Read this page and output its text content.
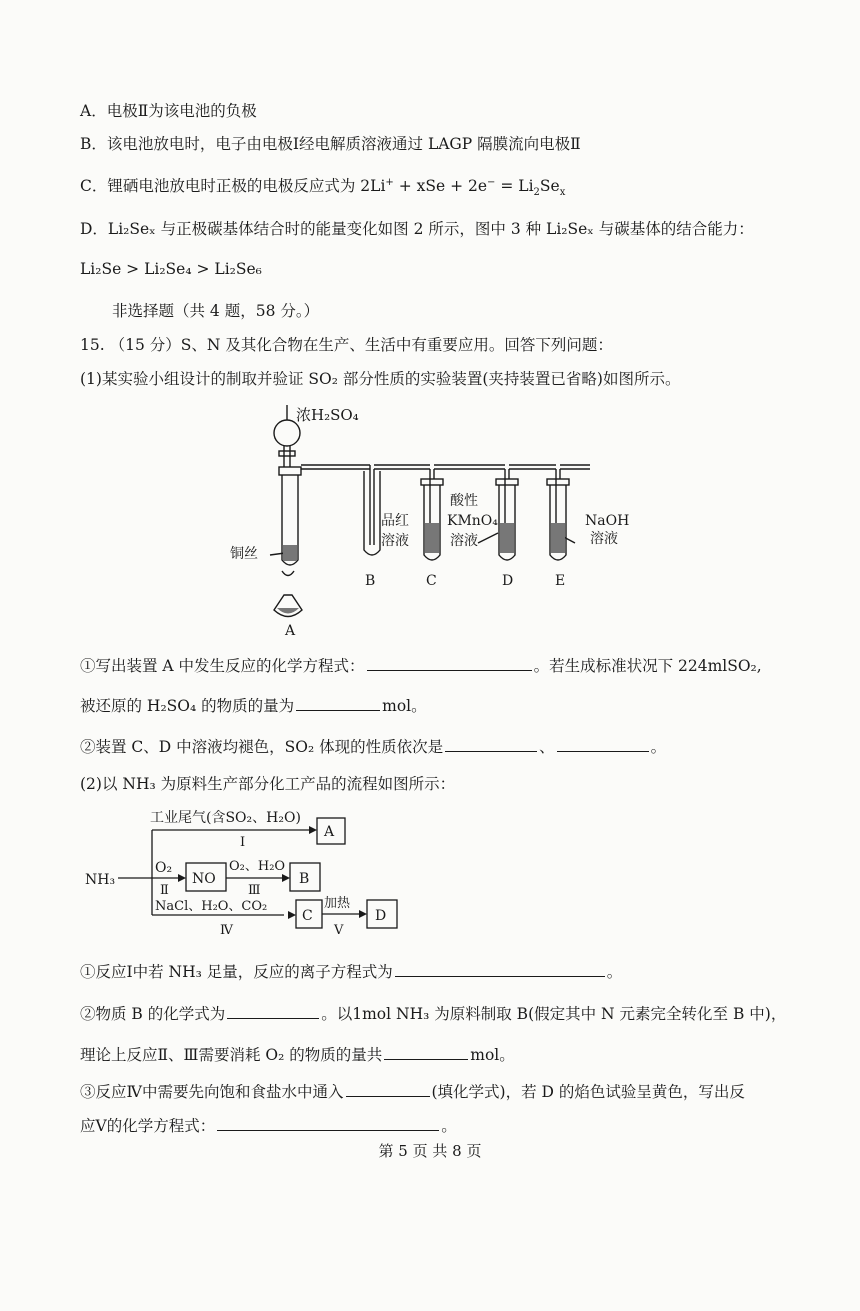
A．电极Ⅱ为该电池的负极
B．该电池放电时，电子由电极Ⅰ经电解质溶液通过 LAGP 隔膜流向电极Ⅱ
C．锂硒电池放电时正极的电极反应式为 2Li+ + xSe + $2e^- = Li_2Se_x$
D．Li₂Seₓ 与正极碳基体结合时的能量变化如图 2 所示，图中 3 种 Li₂Seₓ 与碳基体的结合能力：
Li₂Se > Li₂Se₄ > Li₂Se₆
非选择题（共 4 题，58 分。）
15. （15 分）S、N 及其化合物在生产、生活中有重要应用。回答下列问题：
(1)某实验小组设计的制取并验证 SO₂ 部分性质的实验装置(夹持装置已省略)如图所示。
浓H₂SO₄
铜丝
品红
溶液
酸性
KMnO₄
溶液
NaOH
溶液
B	C	D	E
A
①写出装置 A 中发生反应的化学方程式：	。若生成标准状况下 224mlSO₂,
被还原的 H₂SO₄ 的物质的量为	mol。
②装置 C、D 中溶液均褪色，SO₂ 体现的性质依次是	、	。
(2)以 NH₃ 为原料生产部分化工产品的流程如图所示：
工业尾气(含SO₂、H₂O)
Ⅰ
A
NH₃
O₂
Ⅱ
NO
O₂、H₂O
Ⅲ
B
NaCl、H₂O、CO₂
Ⅳ
C
加热
Ⅴ
D
①反应Ⅰ中若 NH₃ 足量，反应的离子方程式为	。
②物质 B 的化学式为	。以1mol NH₃ 为原料制取 B(假定其中 N 元素完全转化至 B 中)，
理论上反应Ⅱ、Ⅲ需要消耗 O₂ 的物质的量共	mol。
③反应Ⅳ中需要先向饱和食盐水中通入	(填化学式)，若 D 的焰色试验呈黄色，写出反
应Ⅴ的化学方程式：	。
第 5 页 共 8 页
